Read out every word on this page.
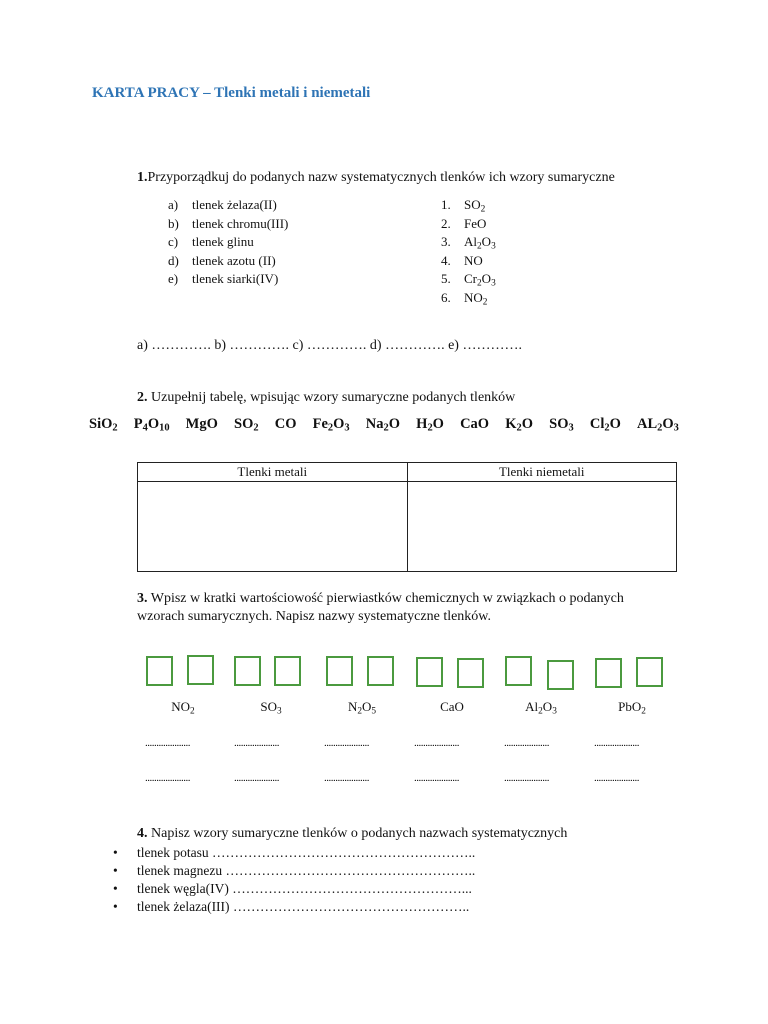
KARTA PRACY – Tlenki metali i niemetali
1.Przyporządkuj do podanych nazw systematycznych tlenków ich wzory sumaryczne
a) tlenek żelaza(II)
b) tlenek chromu(III)
c) tlenek glinu
d) tlenek azotu (II)
e) tlenek siarki(IV)
1. $SO_2$
2. FeO
3. $Al_2O_3$
4. NO
5. $Cr_2O_3$
6. $NO_2$
a) …………. b) …………. c) …………. d) …………. e) ………….
2. Uzupełnij tabelę, wpisując wzory sumaryczne podanych tlenków
SiO$_2$ $P_4O_{10}$ MgO $SO_2$ CO $Fe_2O_3$ $Na_2O$ $H_2O$ CaO $K_2O$ $SO_3$ $Cl_2O$ $AL_2O_3$
Tlenki metali	Tlenki niemetali

3. Wpisz w kratki wartościowość pierwiastków chemicznych w związkach o podanych
wzorach sumarycznych. Napisz nazwy systematyczne tlenków.
$NO_2$
....................
....................
$SO_3$
....................
....................
$N_2O_5$
....................
....................
CaO
....................
....................
$Al_2O_3$
....................
....................
PbO$_2$
....................
....................
4. Napisz wzory sumaryczne tlenków o podanych nazwach systematycznych
• tlenek potasu …………………………………………………..
• tlenek magnezu ………………………………………………..
• tlenek węgla(IV) ……………………………………………...
• tlenek żelaza(III) ……………………………………………..
